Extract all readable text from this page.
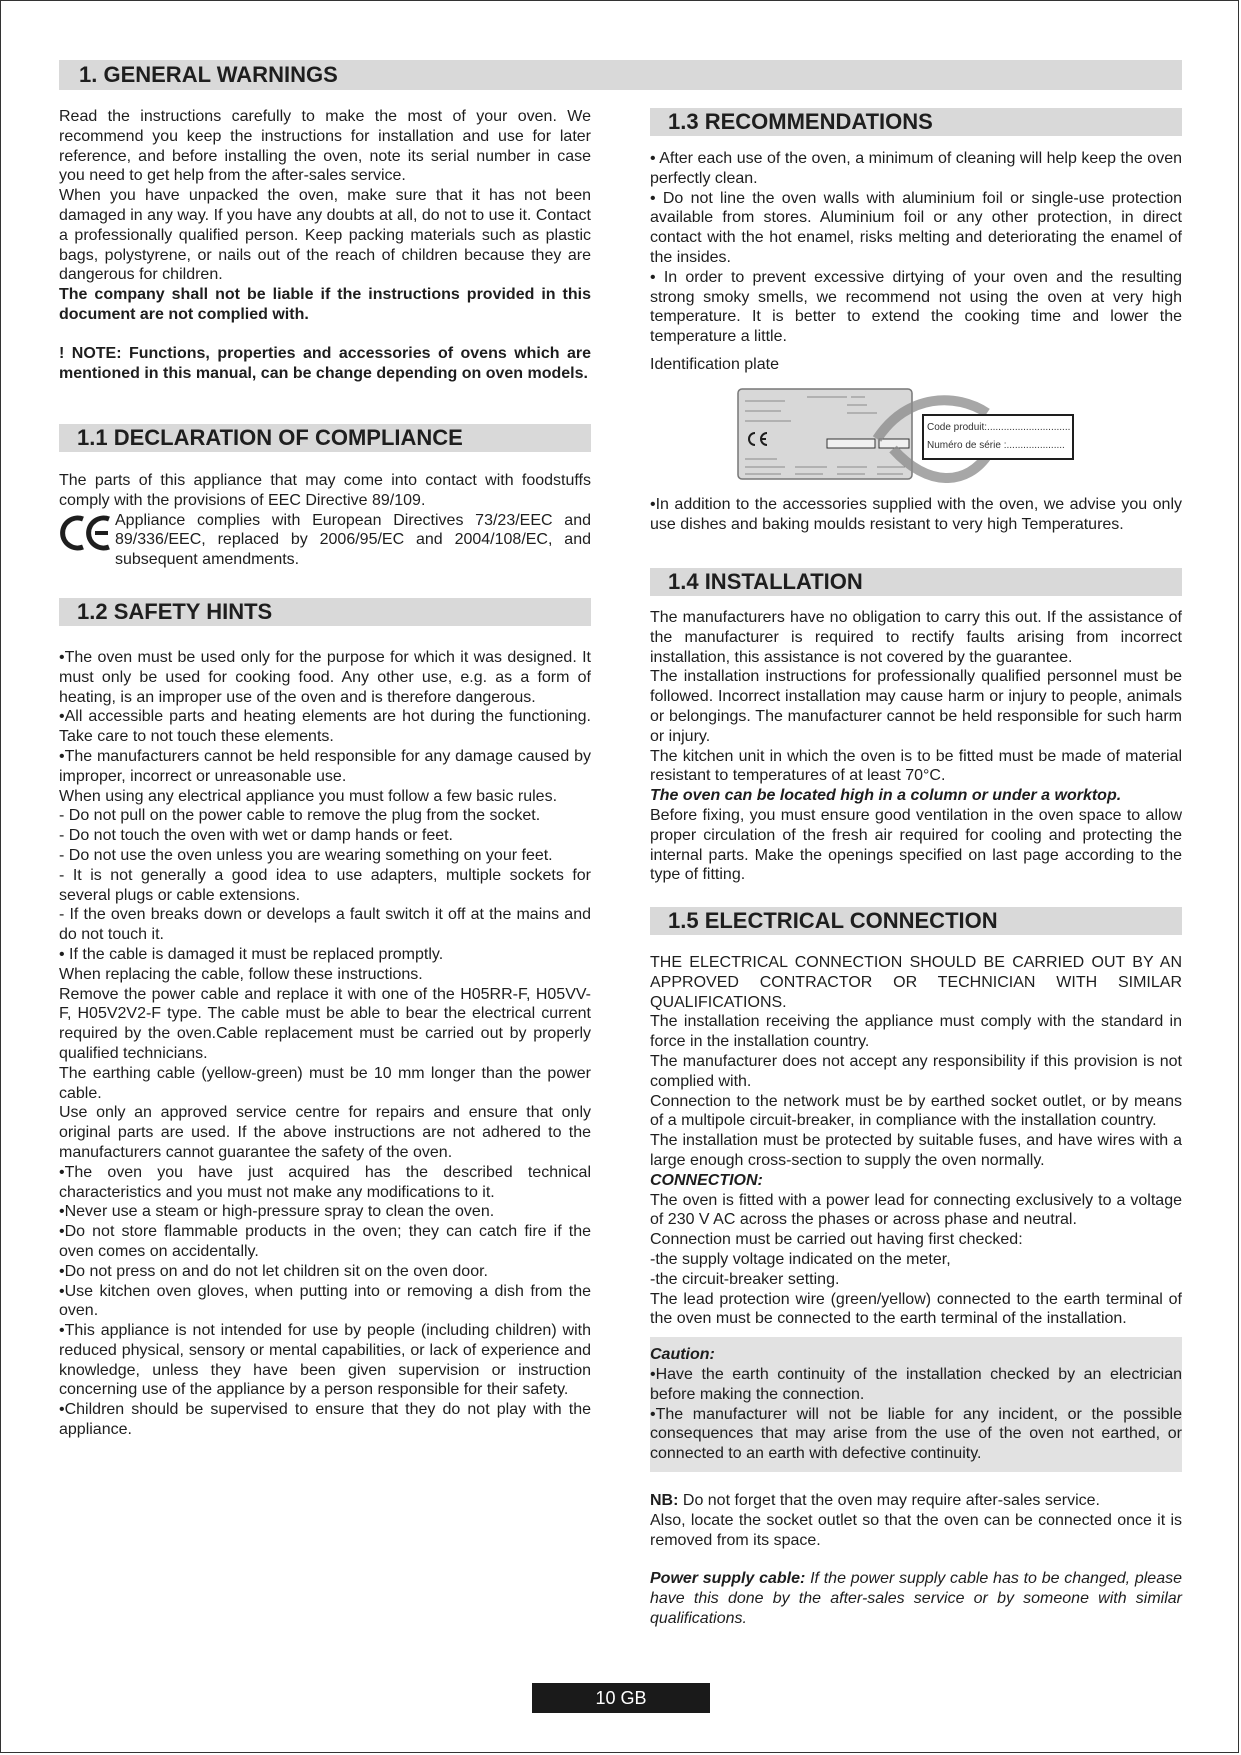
1. GENERAL WARNINGS

Read the instructions carefully to make the most of your oven. We recommend you keep the instructions for installation and use for later reference, and before installing the oven, note its serial number in case you need to get help from the after-sales service.

When you have unpacked the oven, make sure that it has not been damaged in any way. If you have any doubts at all, do not to use it. Contact a professionally qualified person. Keep packing materials such as plastic bags, polystyrene, or nails out of the reach of children because they are dangerous for children.

The company shall not be liable if the instructions provided in this document are not complied with.

! NOTE: Functions, properties and accessories of ovens which are mentioned in this manual, can be change depending on oven models.

1.1 DECLARATION OF COMPLIANCE

The parts of this appliance that may come into contact with foodstuffs comply with the provisions of EEC Directive 89/109.

Appliance complies with European Directives 73/23/EEC and 89/336/EEC, replaced by 2006/95/EC and 2004/108/EC, and subsequent amendments.

1.2 SAFETY HINTS

•The oven must be used only for the purpose for which it was designed. It must only be used for cooking food. Any other use, e.g. as a form of heating, is an improper use of the oven and is therefore dangerous.

•All accessible parts and heating elements are hot during the functioning. Take care to not touch these elements.

•The manufacturers cannot be held responsible for any damage caused by improper, incorrect or unreasonable use.

When using any electrical appliance you must follow a few basic rules.

- Do not pull on the power cable to remove the plug from the socket.

- Do not touch the oven with wet or damp hands or feet.

- Do not use the oven unless you are wearing something on your feet.

- It is not generally a good idea to use adapters, multiple sockets for several plugs or cable extensions.

- If the oven breaks down or develops a fault switch it off at the mains and do not touch it.

• If the cable is damaged it must be replaced promptly.

When replacing the cable, follow these instructions.

Remove the power cable and replace it with one of the H05RR-F, H05VV-F, H05V2V2-F type. The cable must be able to bear the electrical current required by the oven.Cable replacement must be carried out by properly qualified technicians.

The earthing cable (yellow-green) must be 10 mm longer than the power cable.

Use only an approved service centre for repairs and ensure that only original parts are used. If the above instructions are not adhered to the manufacturers cannot guarantee the safety of the oven.

•The oven you have just acquired has the described technical characteristics and you must not make any modifications to it.

•Never use a steam or high-pressure spray to clean the oven.

•Do not store flammable products in the oven; they can catch fire if the oven comes on accidentally.

•Do not press on and do not let children sit on the oven door.

•Use kitchen oven gloves, when putting into or removing a dish from the oven.

•This appliance is not intended for use by people (including children) with reduced physical, sensory or mental capabilities, or lack of experience and knowledge, unless they have been given supervision or instruction concerning use of the appliance by a person responsible for their safety.

•Children should be supervised to ensure that they do not play with the appliance.

1.3 RECOMMENDATIONS

• After each use of the oven, a minimum of cleaning will help keep the oven perfectly clean.

• Do not line the oven walls with aluminium foil or single-use protection available from stores. Aluminium foil or any other protection, in direct contact with the hot enamel, risks melting and deteriorating the enamel of the insides.

• In order to prevent excessive dirtying of your oven and the resulting strong smoky smells, we recommend not using the oven at very high temperature. It is better to extend the cooking time and lower the temperature a little.

Identification plate

Code produit:..............................
Numéro de série :.....................

•In addition to the accessories supplied with the oven, we advise you only use dishes and baking moulds resistant to very high Temperatures.

1.4 INSTALLATION

The manufacturers have no obligation to carry this out. If the assistance of the manufacturer is required to rectify faults arising from incorrect installation, this assistance is not covered by the guarantee.

The installation instructions for professionally qualified personnel must be followed. Incorrect installation may cause harm or injury to people, animals or belongings. The manufacturer cannot be held responsible for such harm or injury.

The kitchen unit in which the oven is to be fitted must be made of material resistant to temperatures of at least 70°C.

The oven can be located high in a column or under a worktop.

Before fixing, you must ensure good ventilation in the oven space to allow proper circulation of the fresh air required for cooling and protecting the internal parts. Make the openings specified on last page according to the type of fitting.

1.5 ELECTRICAL CONNECTION

THE ELECTRICAL CONNECTION SHOULD BE CARRIED OUT BY AN APPROVED CONTRACTOR OR TECHNICIAN WITH SIMILAR QUALIFICATIONS.

The installation receiving the appliance must comply with the standard in force in the installation country.

The manufacturer does not accept any responsibility if this provision is not complied with.

Connection to the network must be by earthed socket outlet, or by means of a multipole circuit-breaker, in compliance with the installation country.

The installation must be protected by suitable fuses, and have wires with a large enough cross-section to supply the oven normally.

CONNECTION:

The oven is fitted with a power lead for connecting exclusively to a voltage of 230 V AC across the phases or across phase and neutral.

Connection must be carried out having first checked:

-the supply voltage indicated on the meter,

-the circuit-breaker setting.

The lead protection wire (green/yellow) connected to the earth terminal of the oven must be connected to the earth terminal of the installation.

Caution:

•Have the earth continuity of the installation checked by an electrician before making the connection.

•The manufacturer will not be liable for any incident, or the possible consequences that may arise from the use of the oven not earthed, or connected to an earth with defective continuity.

NB: Do not forget that the oven may require after-sales service.

Also, locate the socket outlet so that the oven can be connected once it is removed from its space.

Power supply cable: If the power supply cable has to be changed, please have this done by the after-sales service or by someone with similar qualifications.

10 GB
